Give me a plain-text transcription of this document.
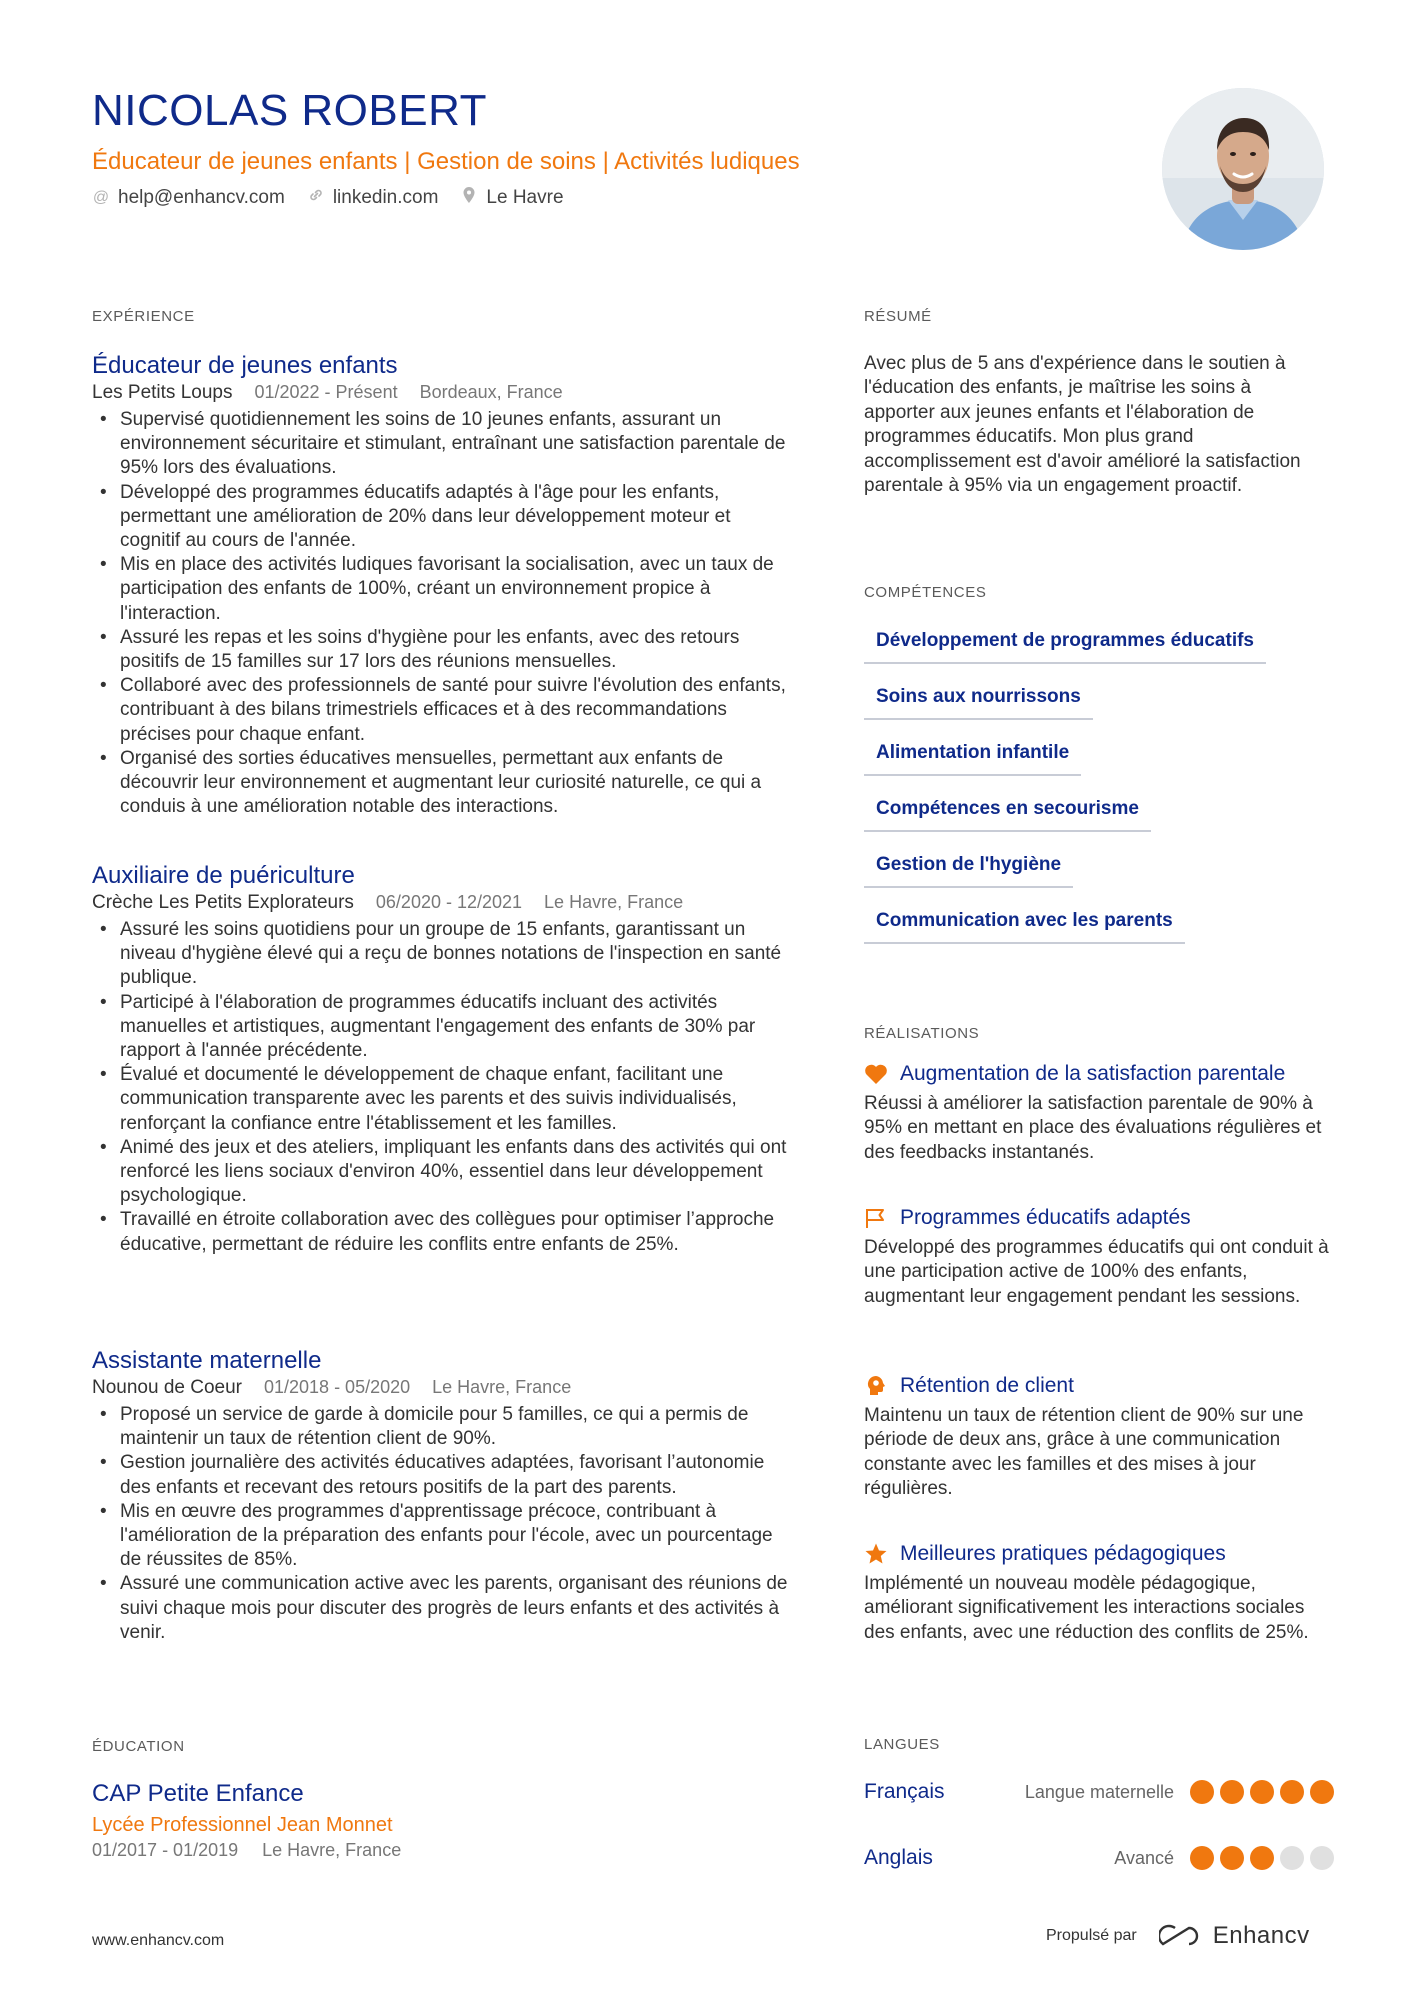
NICOLAS ROBERT
Éducateur de jeunes enfants | Gestion de soins | Activités ludiques
@ help@enhancv.com	linkedin.com	Le Havre
EXPÉRIENCE
Éducateur de jeunes enfants
Les Petits Loups 01/2022 - Présent Bordeaux, France
• Supervisé quotidiennement les soins de 10 jeunes enfants, assurant un environnement sécuritaire et stimulant, entraînant une satisfaction parentale de 95% lors des évaluations.
• Développé des programmes éducatifs adaptés à l'âge pour les enfants, permettant une amélioration de 20% dans leur développement moteur et cognitif au cours de l'année.
• Mis en place des activités ludiques favorisant la socialisation, avec un taux de participation des enfants de 100%, créant un environnement propice à l'interaction.
• Assuré les repas et les soins d'hygiène pour les enfants, avec des retours positifs de 15 familles sur 17 lors des réunions mensuelles.
• Collaboré avec des professionnels de santé pour suivre l'évolution des enfants, contribuant à des bilans trimestriels efficaces et à des recommandations précises pour chaque enfant.
• Organisé des sorties éducatives mensuelles, permettant aux enfants de découvrir leur environnement et augmentant leur curiosité naturelle, ce qui a conduis à une amélioration notable des interactions.
Auxiliaire de puériculture
Crèche Les Petits Explorateurs 06/2020 - 12/2021 Le Havre, France
• Assuré les soins quotidiens pour un groupe de 15 enfants, garantissant un niveau d'hygiène élevé qui a reçu de bonnes notations de l'inspection en santé publique.
• Participé à l'élaboration de programmes éducatifs incluant des activités manuelles et artistiques, augmentant l'engagement des enfants de 30% par rapport à l'année précédente.
• Évalué et documenté le développement de chaque enfant, facilitant une communication transparente avec les parents et des suivis individualisés, renforçant la confiance entre l'établissement et les familles.
• Animé des jeux et des ateliers, impliquant les enfants dans des activités qui ont renforcé les liens sociaux d'environ 40%, essentiel dans leur développement psychologique.
• Travaillé en étroite collaboration avec des collègues pour optimiser l’approche éducative, permettant de réduire les conflits entre enfants de 25%.
Assistante maternelle
Nounou de Coeur 01/2018 - 05/2020 Le Havre, France
• Proposé un service de garde à domicile pour 5 familles, ce qui a permis de maintenir un taux de rétention client de 90%.
• Gestion journalière des activités éducatives adaptées, favorisant l’autonomie des enfants et recevant des retours positifs de la part des parents.
• Mis en œuvre des programmes d'apprentissage précoce, contribuant à l'amélioration de la préparation des enfants pour l'école, avec un pourcentage de réussites de 85%.
• Assuré une communication active avec les parents, organisant des réunions de suivi chaque mois pour discuter des progrès de leurs enfants et des activités à venir.
ÉDUCATION
CAP Petite Enfance
Lycée Professionnel Jean Monnet
01/2017 - 01/2019 Le Havre, France
RÉSUMÉ

Avec plus de 5 ans d'expérience dans le soutien à l'éducation des enfants, je maîtrise les soins à apporter aux jeunes enfants et l'élaboration de programmes éducatifs. Mon plus grand accomplissement est d'avoir amélioré la satisfaction parentale à 95% via un engagement proactif.

COMPÉTENCES
Développement de programmes éducatifs
Soins aux nourrissons
Alimentation infantile
Compétences en secourisme
Gestion de l'hygiène
Communication avec les parents
RÉALISATIONS
Augmentation de la satisfaction parentale

Réussi à améliorer la satisfaction parentale de 90% à 95% en mettant en place des évaluations régulières et des feedbacks instantanés.

Programmes éducatifs adaptés

Développé des programmes éducatifs qui ont conduit à une participation active de 100% des enfants, augmentant leur engagement pendant les sessions.

Rétention de client

Maintenu un taux de rétention client de 90% sur une période de deux ans, grâce à une communication constante avec les familles et des mises à jour régulières.

Meilleures pratiques pédagogiques

Implémenté un nouveau modèle pédagogique, améliorant significativement les interactions sociales des enfants, avec une réduction des conflits de 25%.

LANGUES
Français	Langue maternelle
Anglais	Avancé
www.enhancv.com	Propulsé par	Enhancv
